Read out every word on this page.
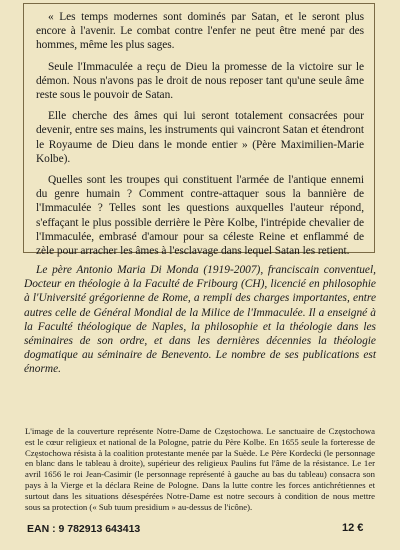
« Les temps modernes sont dominés par Satan, et le seront plus encore à l'avenir. Le combat contre l'enfer ne peut être mené par des hommes, même les plus sages.

Seule l'Immaculée a reçu de Dieu la promesse de la victoire sur le démon. Nous n'avons pas le droit de nous reposer tant qu'une seule âme reste sous le pouvoir de Satan.

Elle cherche des âmes qui lui seront totalement consacrées pour devenir, entre ses mains, les instruments qui vaincront Satan et étendront le Royaume de Dieu dans le monde entier » (Père Maximilien-Marie Kolbe).

Quelles sont les troupes qui constituent l'armée de l'antique ennemi du genre humain ? Comment contre-attaquer sous la bannière de l'Immaculée ? Telles sont les questions auxquelles l'auteur répond, s'effaçant le plus possible derrière le Père Kolbe, l'intrépide chevalier de l'Immaculée, embrasé d'amour pour sa céleste Reine et enflammé de zèle pour arracher les âmes à l'esclavage dans lequel Satan les retient.

Le père Antonio Maria Di Monda (1919-2007), franciscain conventuel, Docteur en théologie à la Faculté de Fribourg (CH), licencié en philosophie à l'Université grégorienne de Rome, a rempli des charges importantes, entre autres celle de Général Mondial de la Milice de l'Immaculée. Il a enseigné à la Faculté théologique de Naples, la philosophie et la théologie dans les séminaires de son ordre, et dans les dernières décennies la théologie dogmatique au séminaire de Benevento. Le nombre de ses publications est énorme.

L'image de la couverture représente Notre-Dame de Częstochowa. Le sanctuaire de Częstochowa est le cœur religieux et national de la Pologne, patrie du Père Kolbe. En 1655 seule la forteresse de Częstochowa résista à la coalition protestante menée par la Suède. Le Père Kordecki (le personnage en blanc dans le tableau à droite), supérieur des religieux Paulins fut l'âme de la résistance. Le 1er avril 1656 le roi Jean-Casimir (le personnage représenté à gauche au bas du tableau) consacra son pays à la Vierge et la déclara Reine de Pologne. Dans la lutte contre les forces antichrétiennes et surtout dans les situations désespérées Notre-Dame est notre secours à condition de nous mettre sous sa protection (« Sub tuum presidium » au-dessus de l'icône).

EAN : 9 782913 643413	12 €
